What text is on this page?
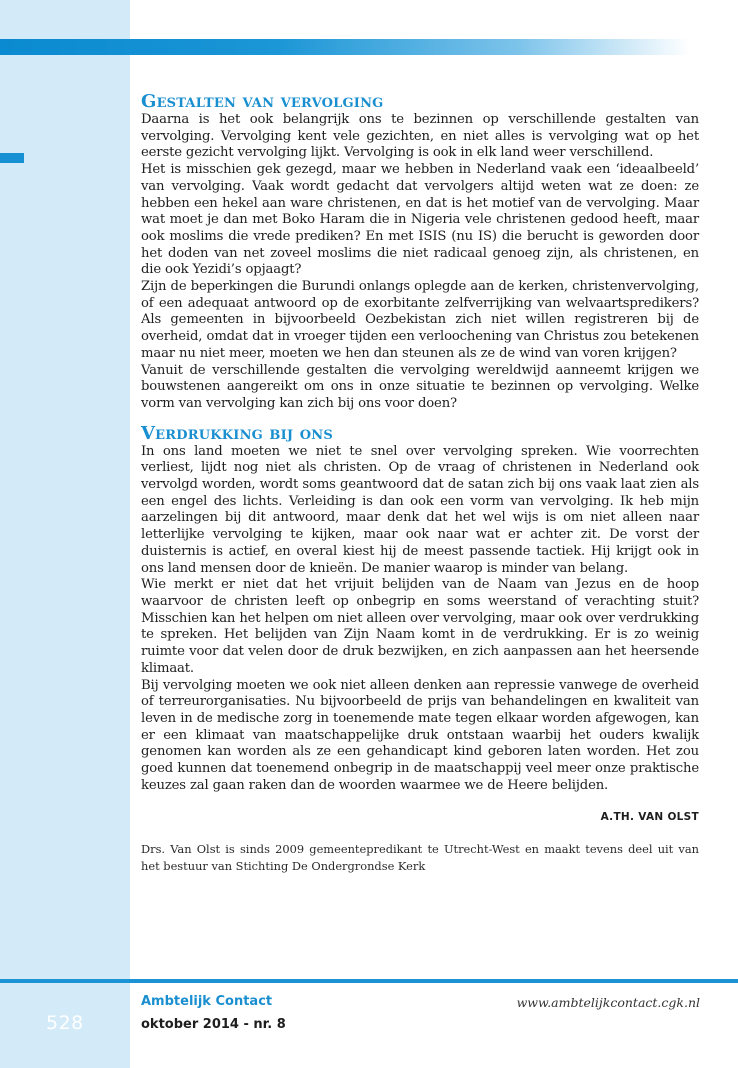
528
Gestalten van vervolging

Daarna is het ook belangrijk ons te bezinnen op verschillende gestalten van vervolging. Vervolging kent vele gezichten, en niet alles is vervolging wat op het eerste gezicht vervolging lijkt. Vervolging is ook in elk land weer verschillend.

Het is misschien gek gezegd, maar we hebben in Nederland vaak een ‘ideaalbeeld’ van vervolging. Vaak wordt gedacht dat vervolgers altijd weten wat ze doen: ze hebben een hekel aan ware christenen, en dat is het motief van de vervolging. Maar wat moet je dan met Boko Haram die in Nigeria vele christenen gedood heeft, maar ook moslims die vrede prediken? En met ISIS (nu IS) die berucht is geworden door het doden van net zoveel moslims die niet radicaal genoeg zijn, als christenen, en die ook Yezidi’s opjaagt?

Zijn de beperkingen die Burundi onlangs oplegde aan de kerken, christenvervolging, of een adequaat antwoord op de exorbitante zelfverrijking van welvaartspredikers? Als gemeenten in bijvoorbeeld Oezbekistan zich niet willen registreren bij de overheid, omdat dat in vroeger tijden een verloochening van Christus zou betekenen maar nu niet meer, moeten we hen dan steunen als ze de wind van voren krijgen?

Vanuit de verschillende gestalten die vervolging wereldwijd aanneemt krijgen we bouwstenen aangereikt om ons in onze situatie te bezinnen op vervolging. Welke vorm van vervolging kan zich bij ons voor doen?

Verdrukking bij ons

In ons land moeten we niet te snel over vervolging spreken. Wie voorrechten verliest, lijdt nog niet als christen. Op de vraag of christenen in Nederland ook vervolgd worden, wordt soms geantwoord dat de satan zich bij ons vaak laat zien als een engel des lichts. Verleiding is dan ook een vorm van vervolging. Ik heb mijn aarzelingen bij dit antwoord, maar denk dat het wel wijs is om niet alleen naar letterlijke vervolging te kijken, maar ook naar wat er achter zit. De vorst der duisternis is actief, en overal kiest hij de meest passende tactiek. Hij krijgt ook in ons land mensen door de knieën. De manier waarop is minder van belang.

Wie merkt er niet dat het vrijuit belijden van de Naam van Jezus en de hoop waarvoor de christen leeft op onbegrip en soms weerstand of verachting stuit? Misschien kan het helpen om niet alleen over vervolging, maar ook over verdrukking te spreken. Het belijden van Zijn Naam komt in de verdrukking. Er is zo weinig ruimte voor dat velen door de druk bezwijken, en zich aanpassen aan het heersende klimaat.

Bij vervolging moeten we ook niet alleen denken aan repressie vanwege de overheid of terreurorganisaties. Nu bijvoorbeeld de prijs van behandelingen en kwaliteit van leven in de medische zorg in toenemende mate tegen elkaar worden afgewogen, kan er een klimaat van maatschappelijke druk ontstaan waarbij het ouders kwalijk genomen kan worden als ze een gehandicapt kind geboren laten worden. Het zou goed kunnen dat toenemend onbegrip in de maatschappij veel meer onze praktische keuzes zal gaan raken dan de woorden waarmee we de Heere belijden.

A.TH. VAN OLST
Drs. Van Olst is sinds 2009 gemeentepredikant te Utrecht-West en maakt tevens deel uit van het bestuur van Stichting De Ondergrondse Kerk
Ambtelijk Contact
oktober 2014 - nr. 8
www.ambtelijkcontact.cgk.nl
